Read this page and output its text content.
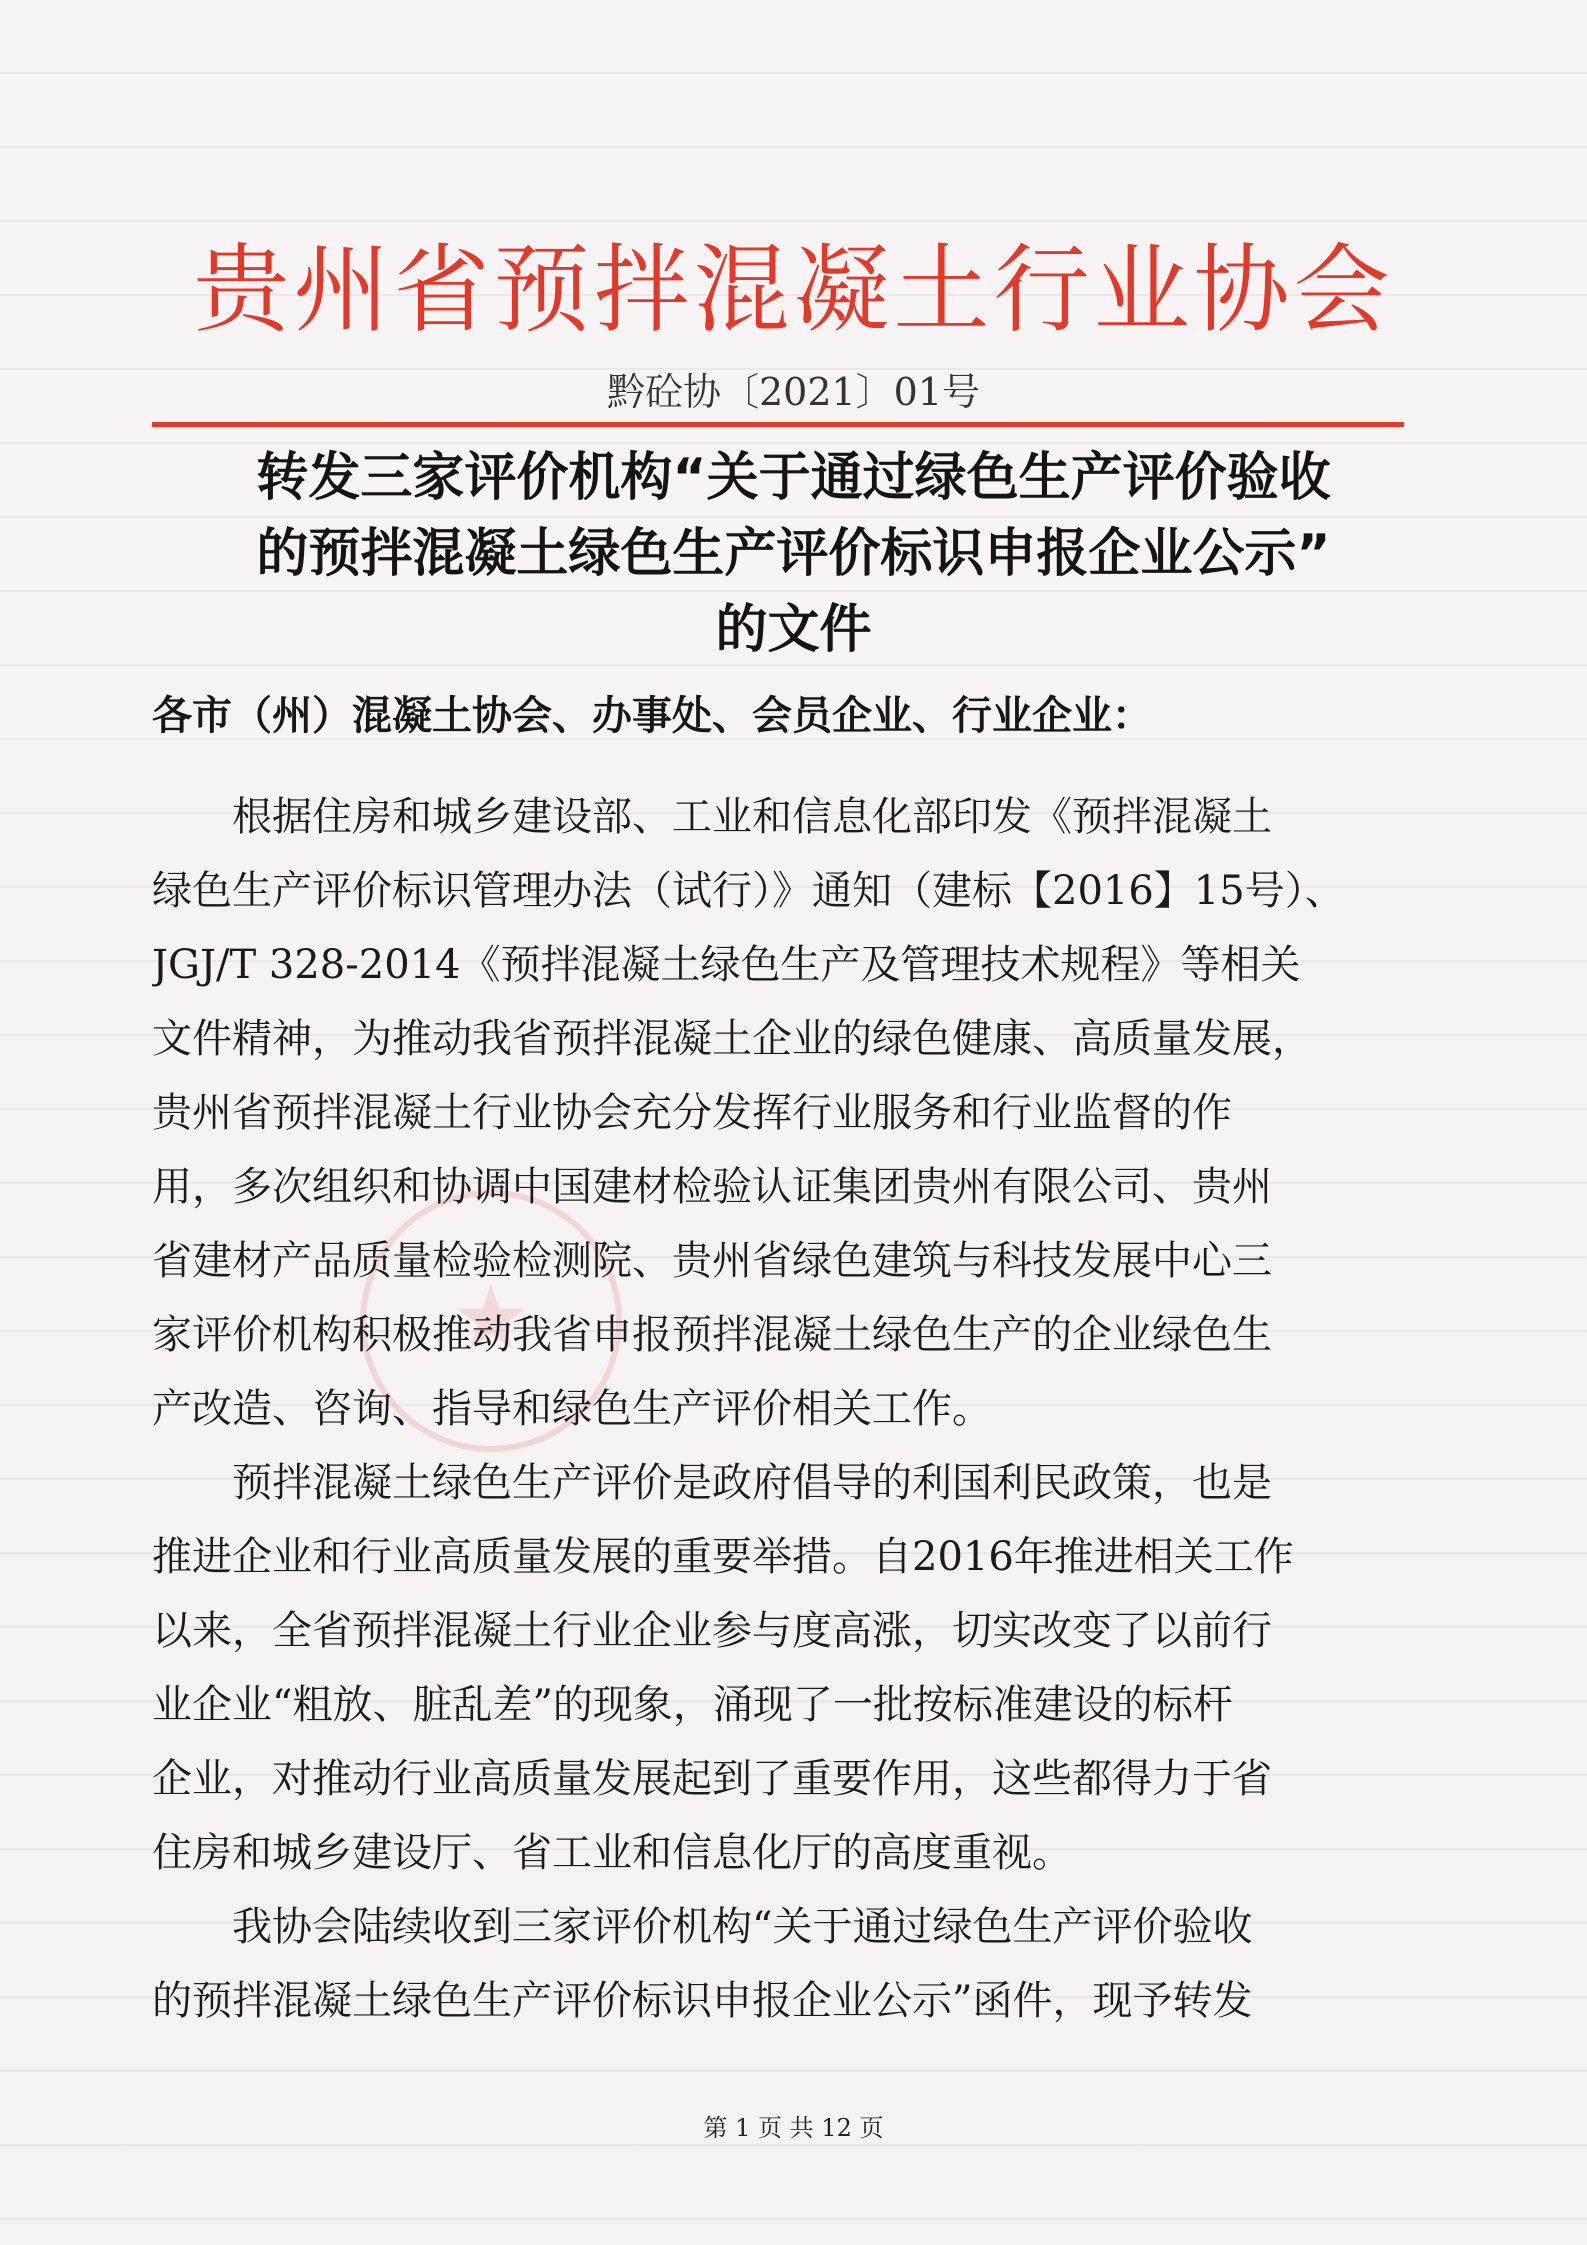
★
贵州省预拌混凝土行业协会
黔砼协〔2021〕01号
转发三家评价机构“关于通过绿色生产评价验收
的预拌混凝土绿色生产评价标识申报企业公示”
的文件
各市（州）混凝土协会、办事处、会员企业、行业企业：
　　根据住房和城乡建设部、工业和信息化部印发《预拌混凝土
绿色生产评价标识管理办法（试行）》通知（建标【2016】15号）、
JGJ/T 328-2014《预拌混凝土绿色生产及管理技术规程》等相关
文件精神，为推动我省预拌混凝土企业的绿色健康、高质量发展，
贵州省预拌混凝土行业协会充分发挥行业服务和行业监督的作
用，多次组织和协调中国建材检验认证集团贵州有限公司、贵州
省建材产品质量检验检测院、贵州省绿色建筑与科技发展中心三
家评价机构积极推动我省申报预拌混凝土绿色生产的企业绿色生
产改造、咨询、指导和绿色生产评价相关工作。
　　预拌混凝土绿色生产评价是政府倡导的利国利民政策，也是
推进企业和行业高质量发展的重要举措。自2016年推进相关工作
以来，全省预拌混凝土行业企业参与度高涨，切实改变了以前行
业企业“粗放、脏乱差”的现象，涌现了一批按标准建设的标杆
企业，对推动行业高质量发展起到了重要作用，这些都得力于省
住房和城乡建设厅、省工业和信息化厅的高度重视。
　　我协会陆续收到三家评价机构“关于通过绿色生产评价验收
的预拌混凝土绿色生产评价标识申报企业公示”函件，现予转发
第 1 页 共 12 页
